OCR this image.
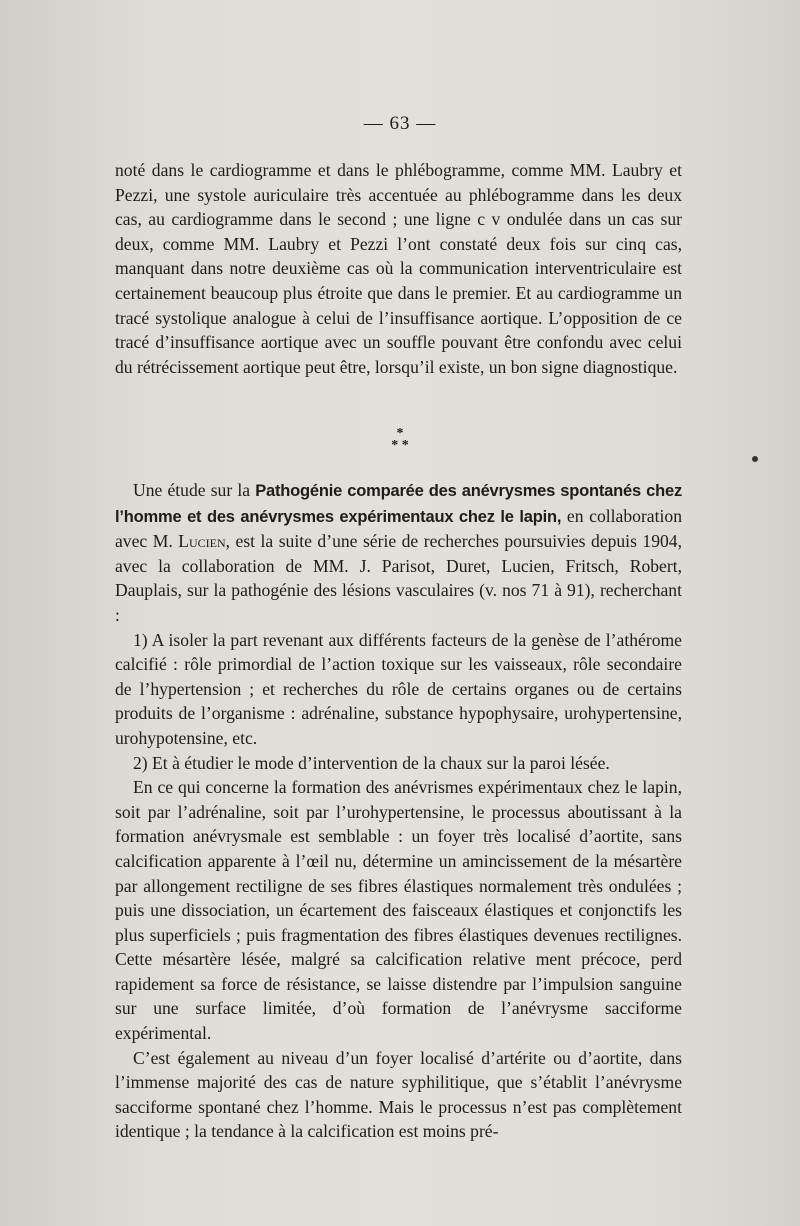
— 63 —

noté dans le cardiogramme et dans le phlébogramme, comme MM. Laubry et Pezzi, une systole auriculaire très accentuée au phlébogramme dans les deux cas, au cardiogramme dans le second ; une ligne c v ondulée dans un cas sur deux, comme MM. Laubry et Pezzi l’ont constaté deux fois sur cinq cas, manquant dans notre deuxième cas où la communication interventriculaire est certainement beaucoup plus étroite que dans le premier. Et au cardiogramme un tracé systolique analogue à celui de l’insuffisance aortique. L’opposition de ce tracé d’insuffisance aortique avec un souffle pouvant être confondu avec celui du rétrécissement aortique peut être, lorsqu’il existe, un bon signe diagnostique.

*
* *

Une étude sur la Pathogénie comparée des anévrysmes spontanés chez l’homme et des anévrysmes expérimentaux chez le lapin, en collaboration avec M. Lucien, est la suite d’une série de recherches poursuivies depuis 1904, avec la collaboration de MM. J. Parisot, Duret, Lucien, Fritsch, Robert, Dauplais, sur la pathogénie des lésions vasculaires (v. nos 71 à 91), recherchant :

1) A isoler la part revenant aux différents facteurs de la genèse de l’athérome calcifié : rôle primordial de l’action toxique sur les vaisseaux, rôle secondaire de l’hypertension ; et recherches du rôle de certains organes ou de certains produits de l’organisme : adrénaline, substance hypophysaire, urohypertensine, urohypotensine, etc.

2) Et à étudier le mode d’intervention de la chaux sur la paroi lésée.

En ce qui concerne la formation des anévrismes expérimentaux chez le lapin, soit par l’adrénaline, soit par l’urohypertensine, le processus aboutissant à la formation anévrysmale est semblable : un foyer très localisé d’aortite, sans calcification apparente à l’œil nu, détermine un amincissement de la mésartère par allongement rectiligne de ses fibres élastiques normalement très ondulées ; puis une dissociation, un écartement des faisceaux élastiques et conjonctifs les plus superficiels ; puis fragmentation des fibres élastiques devenues rectilignes. Cette mésartère lésée, malgré sa calcification relative ment précoce, perd rapidement sa force de résistance, se laisse distendre par l’impulsion sanguine sur une surface limitée, d’où formation de l’anévrysme sacciforme expérimental.

C’est également au niveau d’un foyer localisé d’artérite ou d’aortite, dans l’immense majorité des cas de nature syphilitique, que s’établit l’anévrysme sacciforme spontané chez l’homme. Mais le processus n’est pas complètement identique ; la tendance à la calcification est moins pré-
